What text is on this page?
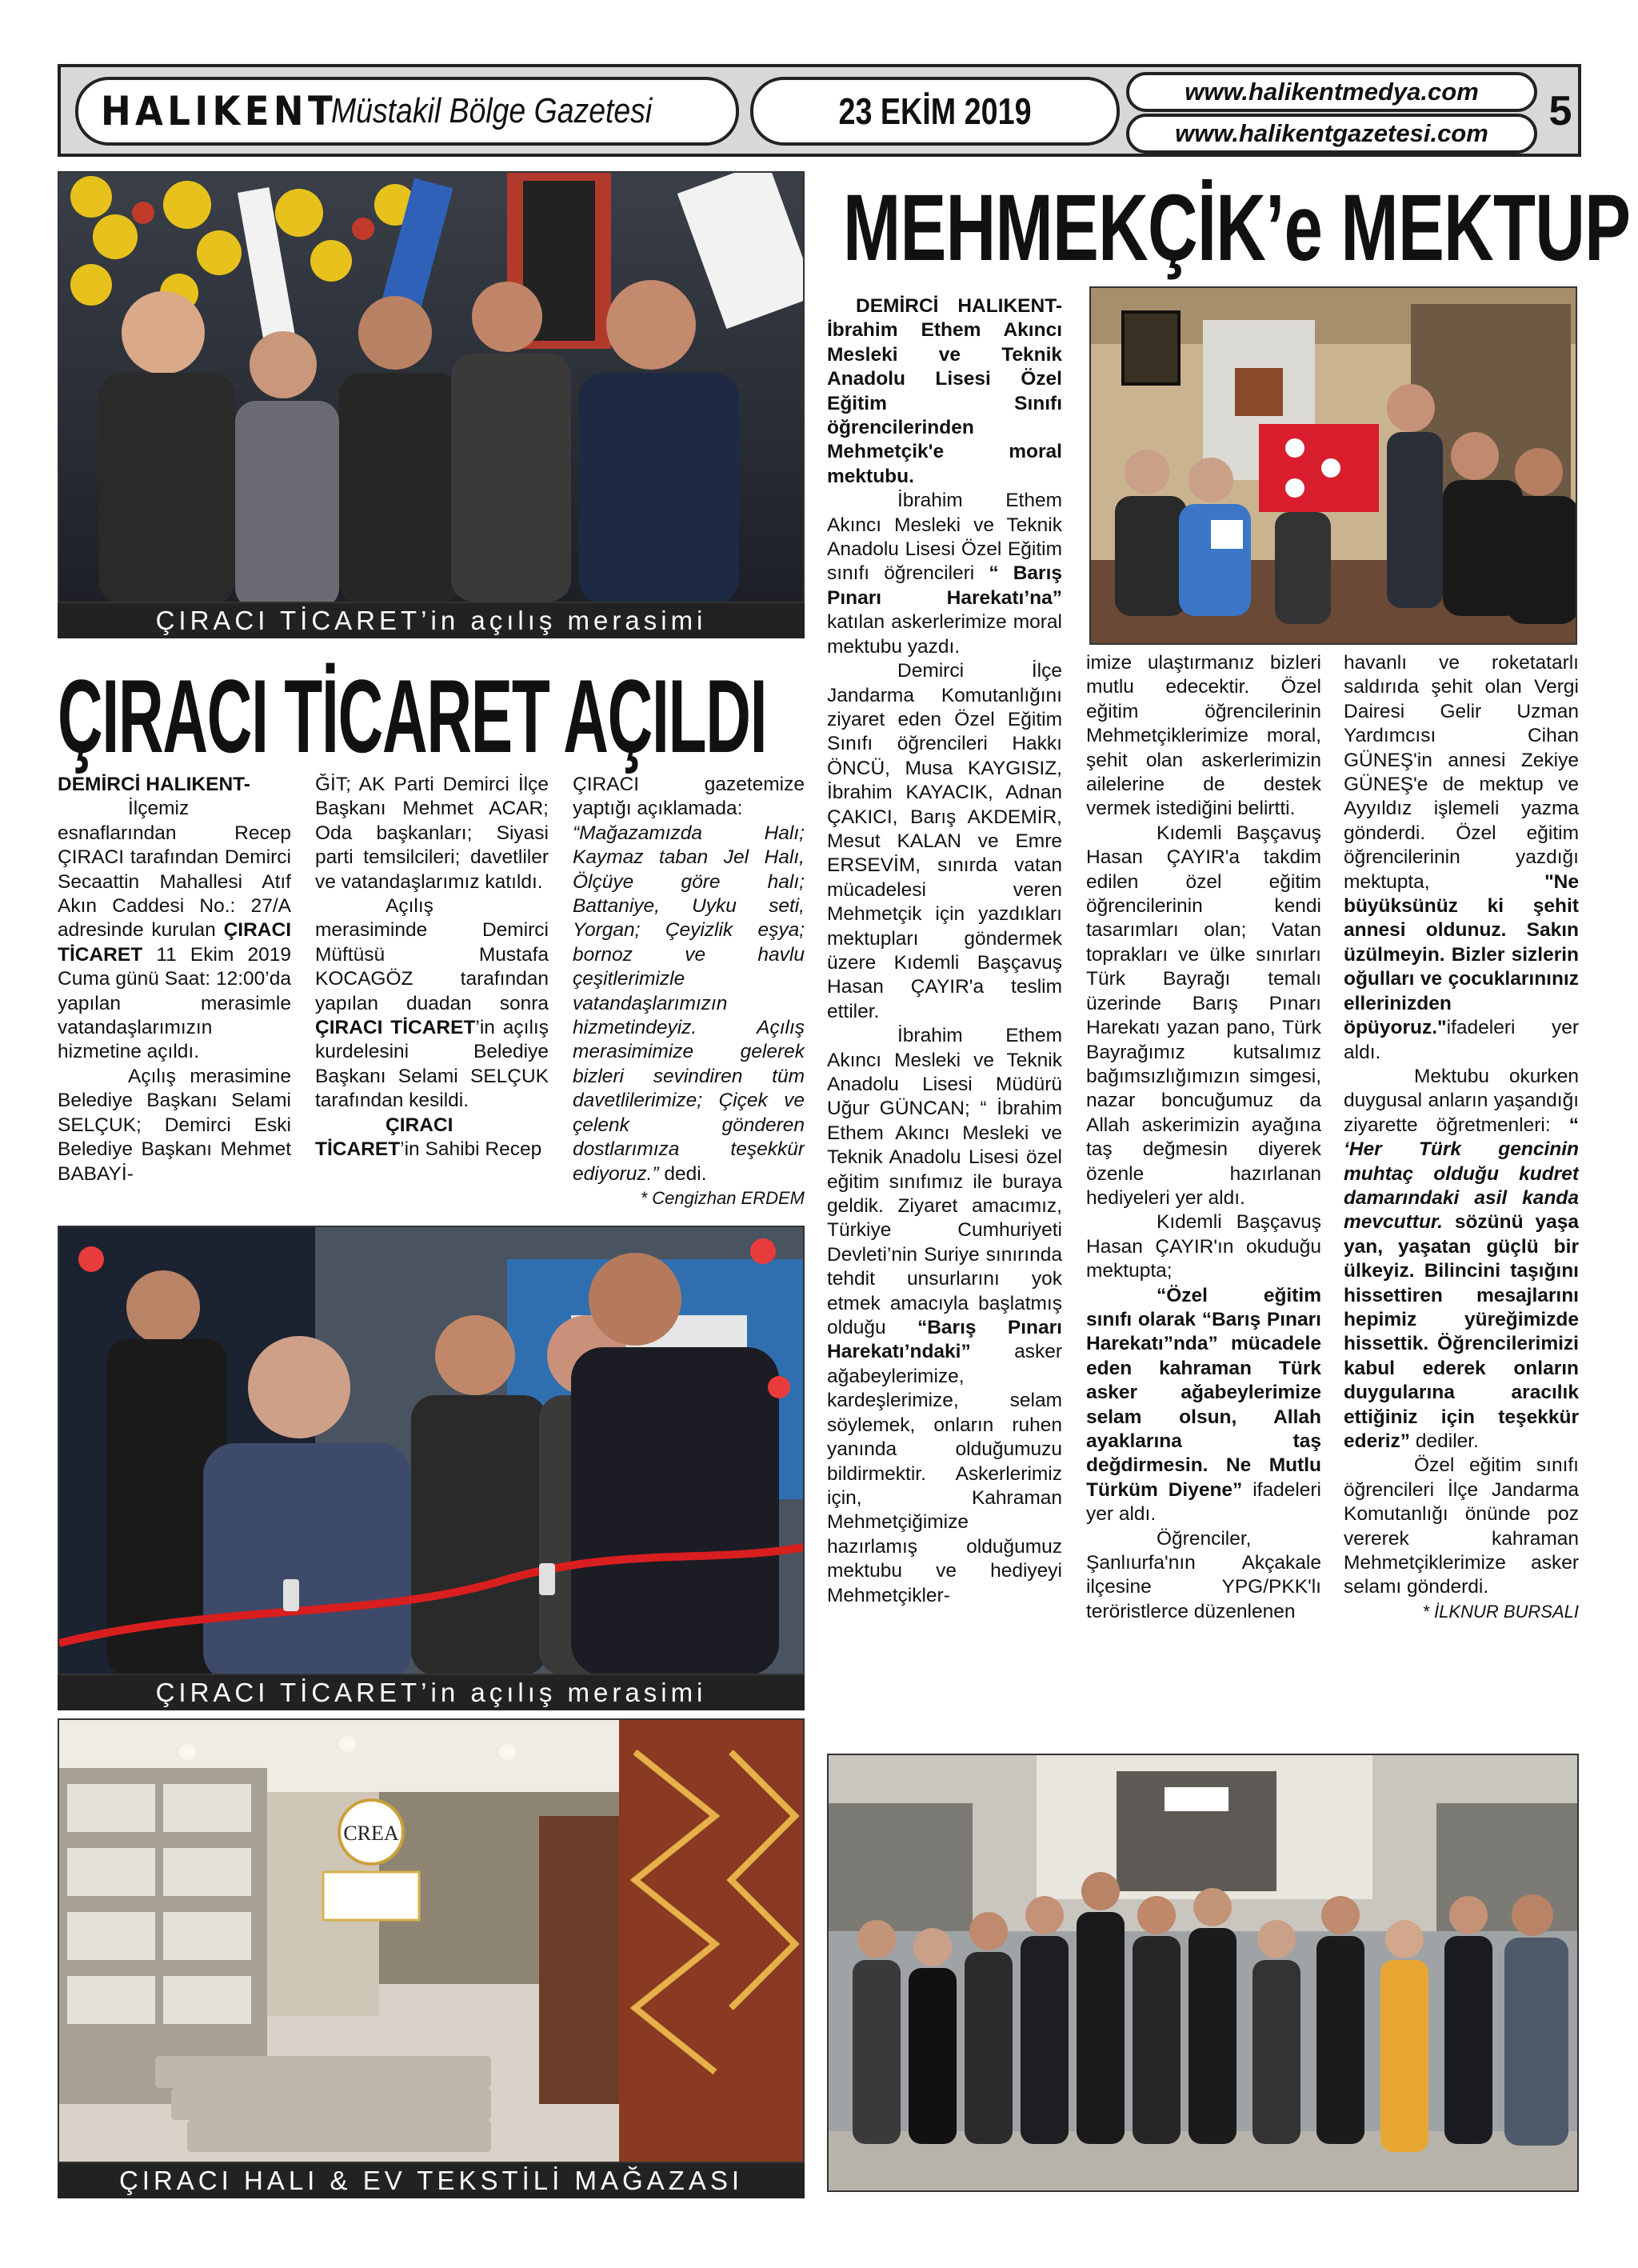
HALIKENT
Müstakil Bölge Gazetesi	23 EKİM 2019	www.halikentmedya.com
www.halikentgazetesi.com	5
ÇIRACI TİCARET’in açılış merasimi
ÇIRACI TİCARET AÇILDI

DEMİRCİ HALIKENT-

İlçemiz esnaflarından Recep ÇIRACI tarafından Demirci Secaattin Mahallesi Atıf Akın Caddesi No.: 27/A adresinde kurulan ÇIRACI TİCARET 11 Ekim 2019 Cuma günü Saat: 12:00’da yapılan merasimle vatandaşlarımızın hizmetine açıldı.

Açılış merasimine Belediye Başkanı Selami SELÇUK; Demirci Eski Belediye Başkanı Mehmet BABAYİ-

ĞİT; AK Parti Demirci İlçe Başkanı Mehmet ACAR; Oda başkanları; Siyasi parti temsilcileri; davetliler ve vatandaşlarımız katıldı.

Açılış merasiminde Demirci Müftüsü Mustafa KOCAGÖZ tarafından yapılan duadan sonra ÇIRACI TİCARET’in açılış kurdelesini Belediye Başkanı Selami SELÇUK tarafından kesildi.

ÇIRACI TİCARET’in Sahibi Recep

ÇIRACI gazetemize yaptığı açıklamada:

“Mağazamızda Halı; Kaymaz taban Jel Halı, Ölçüye göre halı; Battaniye, Uyku seti, Yorgan; Çeyizlik eşya; bornoz ve havlu çeşitlerimizle vatandaşlarımızın hizmetindeyiz. Açılış merasimimize gelerek bizleri sevindiren tüm davetlilerimize; Çiçek ve çelenk gönderen dostlarımıza teşekkür ediyoruz.” dedi.

* Cengizhan ERDEM

ÇIRACI TİCARET’in açılış merasimi
CREA
ÇIRACI HALI & EV TEKSTİLİ MAĞAZASI
MEHMEKÇİK’e MEKTUP

DEMİRCİ HALIKENT- İbrahim Ethem Akıncı Mesleki ve Teknik Anadolu Lisesi Özel Eğitim Sınıfı öğrencilerinden Mehmetçik'e moral mektubu.

İbrahim Ethem Akıncı Mesleki ve Teknik Anadolu Lisesi Özel Eğitim sınıfı öğrencileri “ Barış Pınarı Harekatı’na” katılan askerlerimize moral mektubu yazdı.

Demirci İlçe Jandarma Komutanlığını ziyaret eden Özel Eğitim Sınıfı öğrencileri Hakkı ÖNCÜ, Musa KAYGISIZ, İbrahim KAYACIK, Adnan ÇAKICI, Barış AKDEMİR, Mesut KALAN ve Emre ERSEVİM, sınırda vatan mücadelesi veren Mehmetçik için yazdıkları mektupları göndermek üzere Kıdemli Başçavuş Hasan ÇAYIR'a teslim ettiler.

İbrahim Ethem Akıncı Mesleki ve Teknik Anadolu Lisesi Müdürü Uğur GÜNCAN; “ İbrahim Ethem Akıncı Mesleki ve Teknik Anadolu Lisesi özel eğitim sınıfımız ile buraya geldik. Ziyaret amacımız, Türkiye Cumhuriyeti Devleti’nin Suriye sınırında tehdit unsurlarını yok etmek amacıyla başlatmış olduğu “Barış Pınarı Harekatı’ndaki” asker ağabeylerimize, kardeşlerimize, selam söylemek, onların ruhen yanında olduğumuzu bildirmektir. Askerlerimiz için, Kahraman Mehmetçiğimize hazırlamış olduğumuz mektubu ve hediyeyi Mehmetçikler-

imize ulaştırmanız bizleri mutlu edecektir. Özel eğitim öğrencilerinin Mehmetçiklerimize moral, şehit olan askerlerimizin ailelerine de destek vermek istediğini belirtti.

Kıdemli Başçavuş Hasan ÇAYIR'a takdim edilen özel eğitim öğrencilerinin kendi tasarımları olan; Vatan toprakları ve ülke sınırları Türk Bayrağı temalı üzerinde Barış Pınarı Harekatı yazan pano, Türk Bayrağımız kutsalımız bağımsızlığımızın simgesi, nazar boncuğumuz da Allah askerimizin ayağına taş değmesin diyerek özenle hazırlanan hediyeleri yer aldı.

Kıdemli Başçavuş Hasan ÇAYIR'ın okuduğu mektupta;

“Özel eğitim sınıfı olarak “Barış Pınarı Harekatı”nda” mücadele eden kahraman Türk asker ağabeylerimize selam olsun, Allah ayaklarına taş değdirmesin. Ne Mutlu Türküm Diyene” ifadeleri yer aldı.

Öğrenciler, Şanlıurfa'nın Akçakale ilçesine YPG/PKK'lı teröristlerce düzenlenen

havanlı ve roketatarlı saldırıda şehit olan Vergi Dairesi Gelir Uzman Yardımcısı Cihan GÜNEŞ'in annesi Zekiye GÜNEŞ'e de mektup ve Ayyıldız işlemeli yazma gönderdi. Özel eğitim öğrencilerinin yazdığı mektupta,	"Ne büyüksünüz ki şehit annesi oldunuz. Sakın üzülmeyin. Bizler sizlerin oğulları ve çocuklarınınız ellerinizden öpüyoruz."ifadeleri yer aldı.

Mektubu okurken duygusal anların yaşandığı ziyarette öğretmenleri: “ ‘Her Türk gencinin muhtaç olduğu kudret damarındaki asil kanda mevcuttur. sözünü yaşa yan, yaşatan güçlü bir ülkeyiz. Bilincini taşığını hissettiren mesajlarını hepimiz yüreğimizde hissettik. Öğrencilerimizi kabul ederek onların duygularına aracılık ettiğiniz için teşekkür ederiz” dediler.

Özel eğitim sınıfı öğrencileri İlçe Jandarma Komutanlığı önünde poz vererek kahraman Mehmetçiklerimize asker selamı gönderdi.

* İLKNUR BURSALI
